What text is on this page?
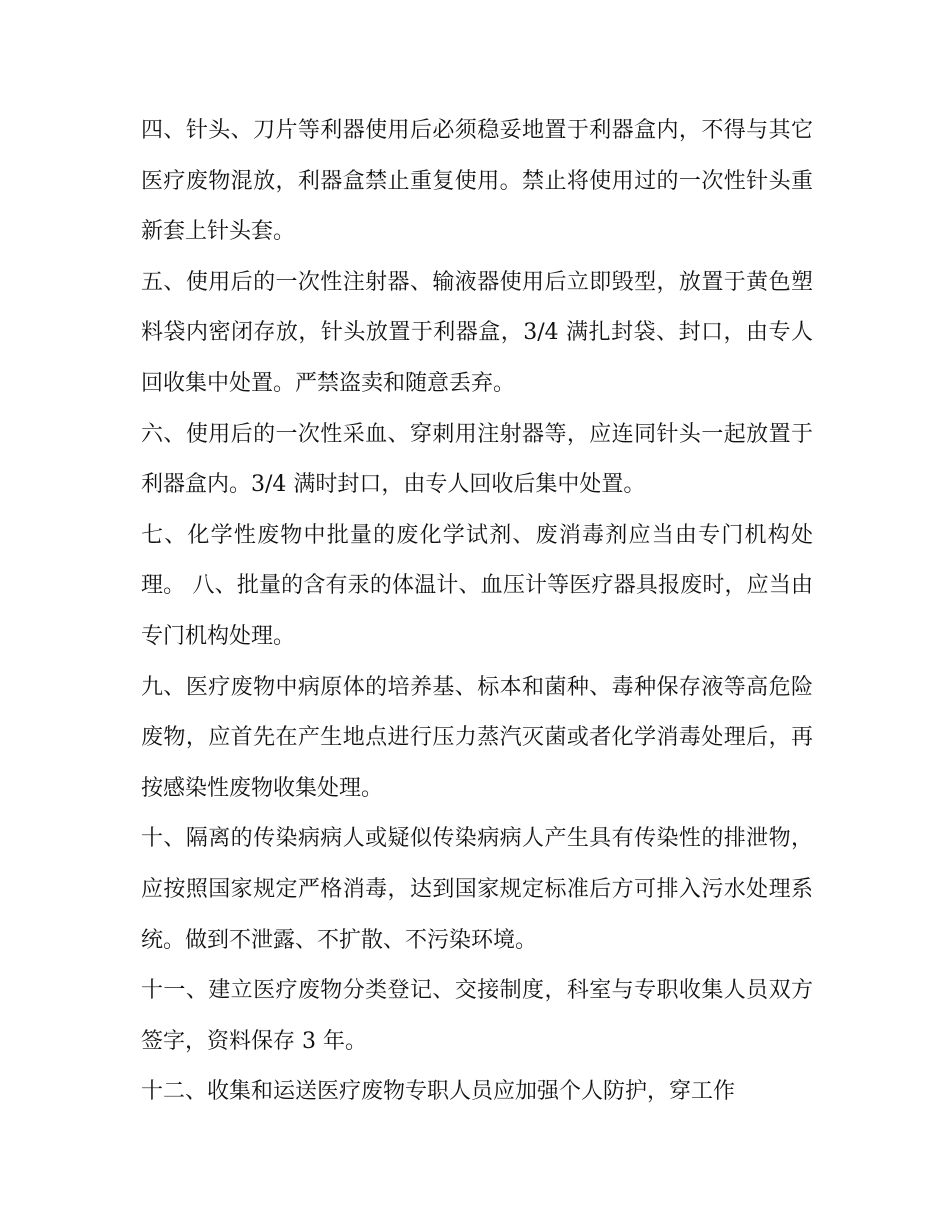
四、针头、刀片等利器使用后必须稳妥地置于利器盒内，不得与其它医疗废物混放，利器盒禁止重复使用。禁止将使用过的一次性针头重新套上针头套。

五、使用后的一次性注射器、输液器使用后立即毁型，放置于黄色塑料袋内密闭存放，针头放置于利器盒，3/4 满扎封袋、封口，由专人回收集中处置。严禁盗卖和随意丢弃。

六、使用后的一次性采血、穿刺用注射器等，应连同针头一起放置于利器盒内。3/4 满时封口，由专人回收后集中处置。

七、化学性废物中批量的废化学试剂、废消毒剂应当由专门机构处理。 八、批量的含有汞的体温计、血压计等医疗器具报废时，应当由专门机构处理。

九、医疗废物中病原体的培养基、标本和菌种、毒种保存液等高危险废物，应首先在产生地点进行压力蒸汽灭菌或者化学消毒处理后，再按感染性废物收集处理。

十、隔离的传染病病人或疑似传染病病人产生具有传染性的排泄物，应按照国家规定严格消毒，达到国家规定标准后方可排入污水处理系统。做到不泄露、不扩散、不污染环境。

十一、建立医疗废物分类登记、交接制度，科室与专职收集人员双方签字，资料保存 3 年。

十二、收集和运送医疗废物专职人员应加强个人防护，穿工作
